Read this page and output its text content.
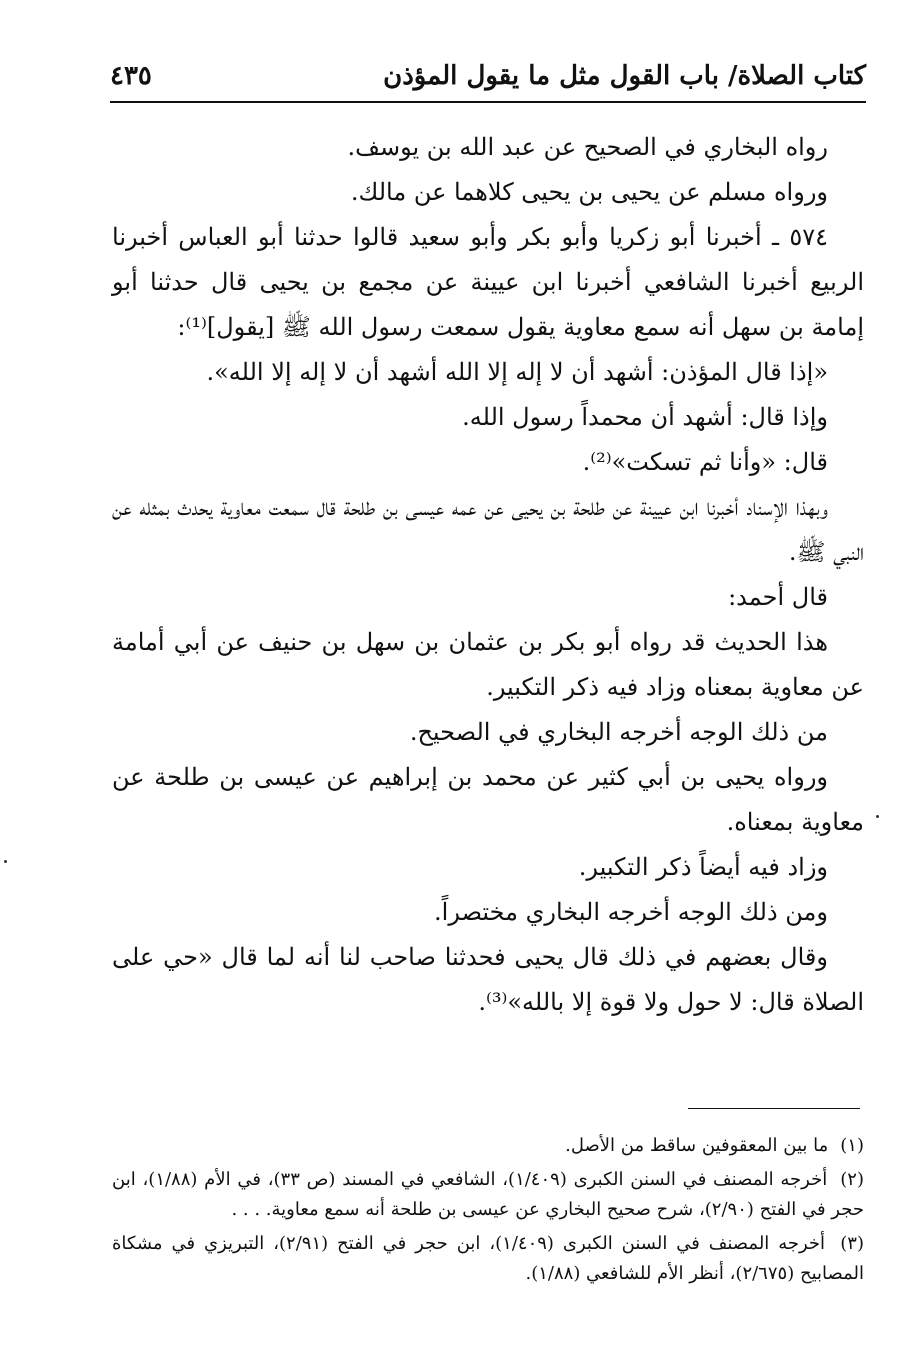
كتاب الصلاة/ باب القول مثل ما يقول المؤذن
٤٣٥

رواه البخاري في الصحيح عن عبد الله بن يوسف.

ورواه مسلم عن يحيى بن يحيى كلاهما عن مالك.

٥٧٤ ـ أخبرنا أبو زكريا وأبو بكر وأبو سعيد قالوا حدثنا أبو العباس أخبرنا الربيع أخبرنا الشافعي أخبرنا ابن عيينة عن مجمع بن يحيى قال حدثنا أبو إمامة بن سهل أنه سمع معاوية يقول سمعت رسول الله ﷺ [يقول]⁽¹⁾:

«إذا قال المؤذن: أشهد أن لا إله إلا الله أشهد أن لا إله إلا الله».

وإذا قال: أشهد أن محمداً رسول الله.

قال: «وأنا ثم تسكت»⁽²⁾.

وبهذا الإسناد أخبرنا ابن عيينة عن طلحة بن يحيى عن عمه عيسى بن طلحة قال سمعت معاوية يحدث بمثله عن النبي ﷺ.

قال أحمد:

هذا الحديث قد رواه أبو بكر بن عثمان بن سهل بن حنيف عن أبي أمامة عن معاوية بمعناه وزاد فيه ذكر التكبير.

من ذلك الوجه أخرجه البخاري في الصحيح.

ورواه يحيى بن أبي كثير عن محمد بن إبراهيم عن عيسى بن طلحة عن معاوية بمعناه.

وزاد فيه أيضاً ذكر التكبير.

ومن ذلك الوجه أخرجه البخاري مختصراً.

وقال بعضهم في ذلك قال يحيى فحدثنا صاحب لنا أنه لما قال «حي على الصلاة قال: لا حول ولا قوة إلا بالله»⁽³⁾.

(١) ما بين المعقوفين ساقط من الأصل.

(٢) أخرجه المصنف في السنن الكبرى (١/٤٠٩)، الشافعي في المسند (ص ٣٣)، في الأم (١/٨٨)، ابن حجر في الفتح (٢/٩٠)، شرح صحيح البخاري عن عيسى بن طلحة أنه سمع معاوية. . . .

(٣) أخرجه المصنف في السنن الكبرى (١/٤٠٩)، ابن حجر في الفتح (٢/٩١)، التبريزي في مشكاة المصابيح (٢/٦٧٥)، أنظر الأم للشافعي (١/٨٨).
